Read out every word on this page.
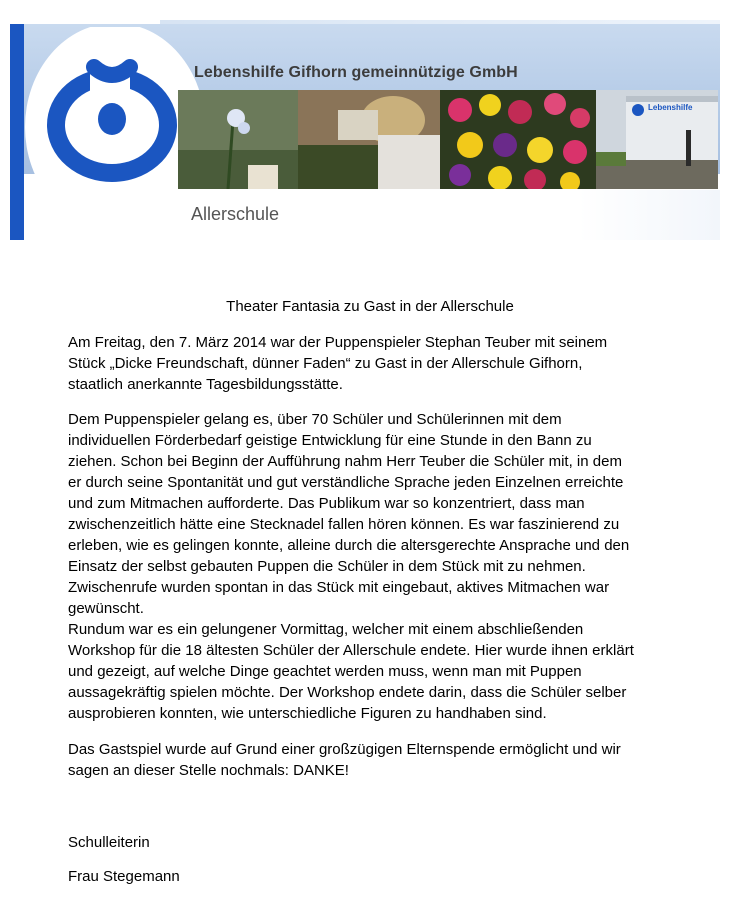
Lebenshilfe Gifhorn gemeinnützige GmbH
Lebenshilfe
Allerschule
Theater Fantasia zu Gast in der Allerschule
Am Freitag, den 7. März 2014 war der Puppenspieler Stephan Teuber mit seinem
Stück „Dicke Freundschaft, dünner Faden“ zu Gast in der Allerschule Gifhorn,
staatlich anerkannte Tagesbildungsstätte.
Dem Puppenspieler gelang es, über 70 Schüler und Schülerinnen mit dem
individuellen Förderbedarf geistige Entwicklung für eine Stunde in den Bann zu
ziehen. Schon bei Beginn der Aufführung nahm Herr Teuber die Schüler mit, in dem
er durch seine Spontanität und gut verständliche Sprache jeden Einzelnen erreichte
und zum Mitmachen aufforderte. Das Publikum war so konzentriert, dass man
zwischenzeitlich hätte eine Stecknadel fallen hören können. Es war faszinierend zu
erleben, wie es gelingen konnte, alleine durch die altersgerechte Ansprache und den
Einsatz der selbst gebauten Puppen die Schüler in dem Stück mit zu nehmen.
Zwischenrufe wurden spontan in das Stück mit eingebaut, aktives Mitmachen war
gewünscht.
Rundum war es ein gelungener Vormittag, welcher mit einem abschließenden
Workshop für die 18 ältesten Schüler der Allerschule endete. Hier wurde ihnen erklärt
und gezeigt, auf welche Dinge geachtet werden muss, wenn man mit Puppen
aussagekräftig spielen möchte. Der Workshop endete darin, dass die Schüler selber
ausprobieren konnten, wie unterschiedliche Figuren zu handhaben sind.
Das Gastspiel wurde auf Grund einer großzügigen Elternspende ermöglicht und wir
sagen an dieser Stelle nochmals: DANKE!
Schulleiterin
Frau Stegemann
